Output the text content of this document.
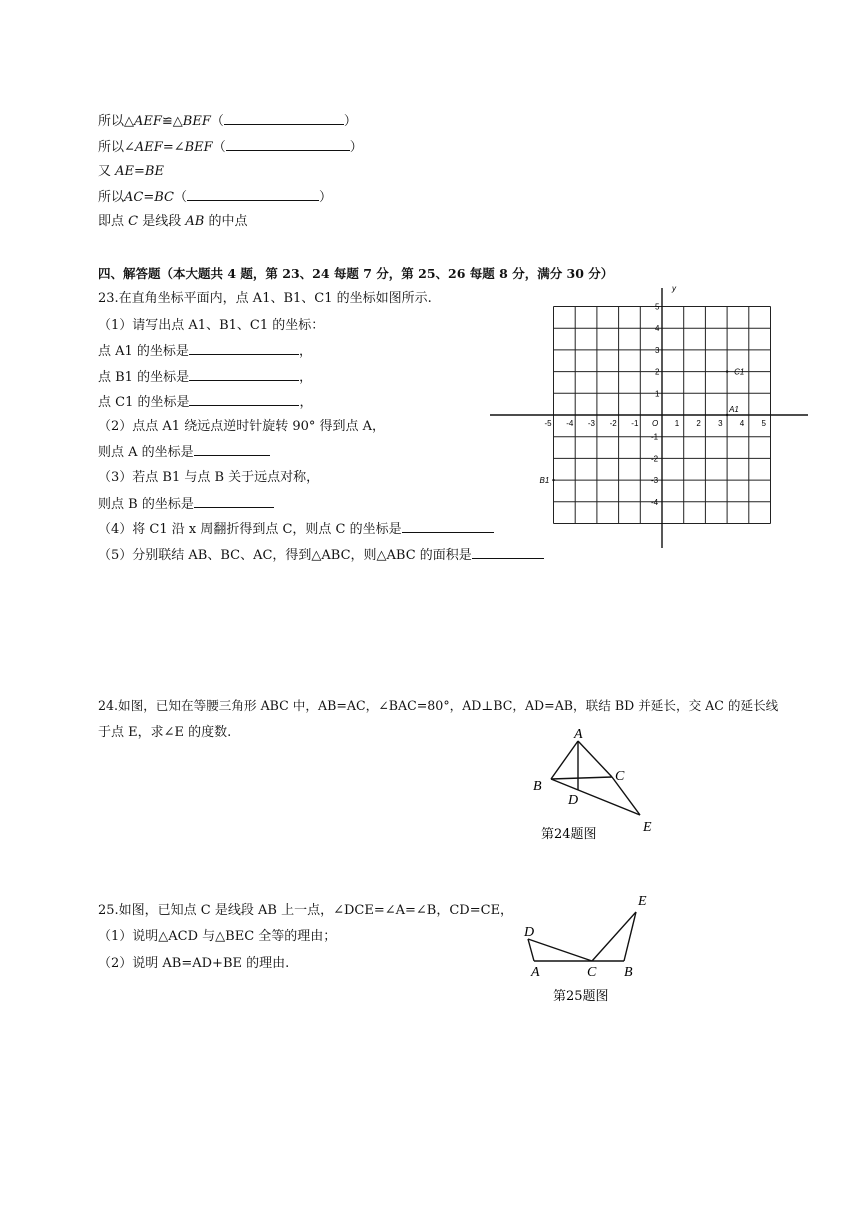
所以△AEF≌△BEF（	）
所以∠AEF=∠BEF（	）
又 AE=BE
所以AC=BC（	）
即点 C 是线段 AB 的中点
四、解答题（本大题共 4 题，第 23、24 每题 7 分，第 25、26 每题 8 分，满分 30 分）
23.在直角坐标平面内，点 A1、B1、C1 的坐标如图所示.
（1）请写出点 A1、B1、C1 的坐标：
点 A1 的坐标是	，
点 B1 的坐标是	，
点 C1 的坐标是	，
（2）点点 A1 绕远点逆时针旋转 90° 得到点 A，
则点 A 的坐标是
（3）若点 B1 与点 B 关于远点对称，
则点 B 的坐标是
（4）将 C1 沿 x 周翻折得到点 C，则点 C 的坐标是
（5）分别联结 AB、BC、AC，得到△ABC，则△ABC 的面积是
y
-5 -4 -3 -2 -1 O 1 2 3 4 5
5
4
3
2
1
-1
-2
-3
-4
A1
B1
C1
24.如图，已知在等腰三角形 ABC 中，AB=AC，∠BAC=80°，AD⊥BC，AD=AB，联结 BD 并延长，交 AC 的延长线
于点 E，求∠E 的度数.	A
B
C
D
E
第24题图
25.如图，已知点 C 是线段 AB 上一点，∠DCE=∠A=∠B，CD=CE，
（1）说明△ACD 与△BEC 全等的理由；
（2）说明 AB=AD+BE 的理由.
D
A	C B
E
第25题图
